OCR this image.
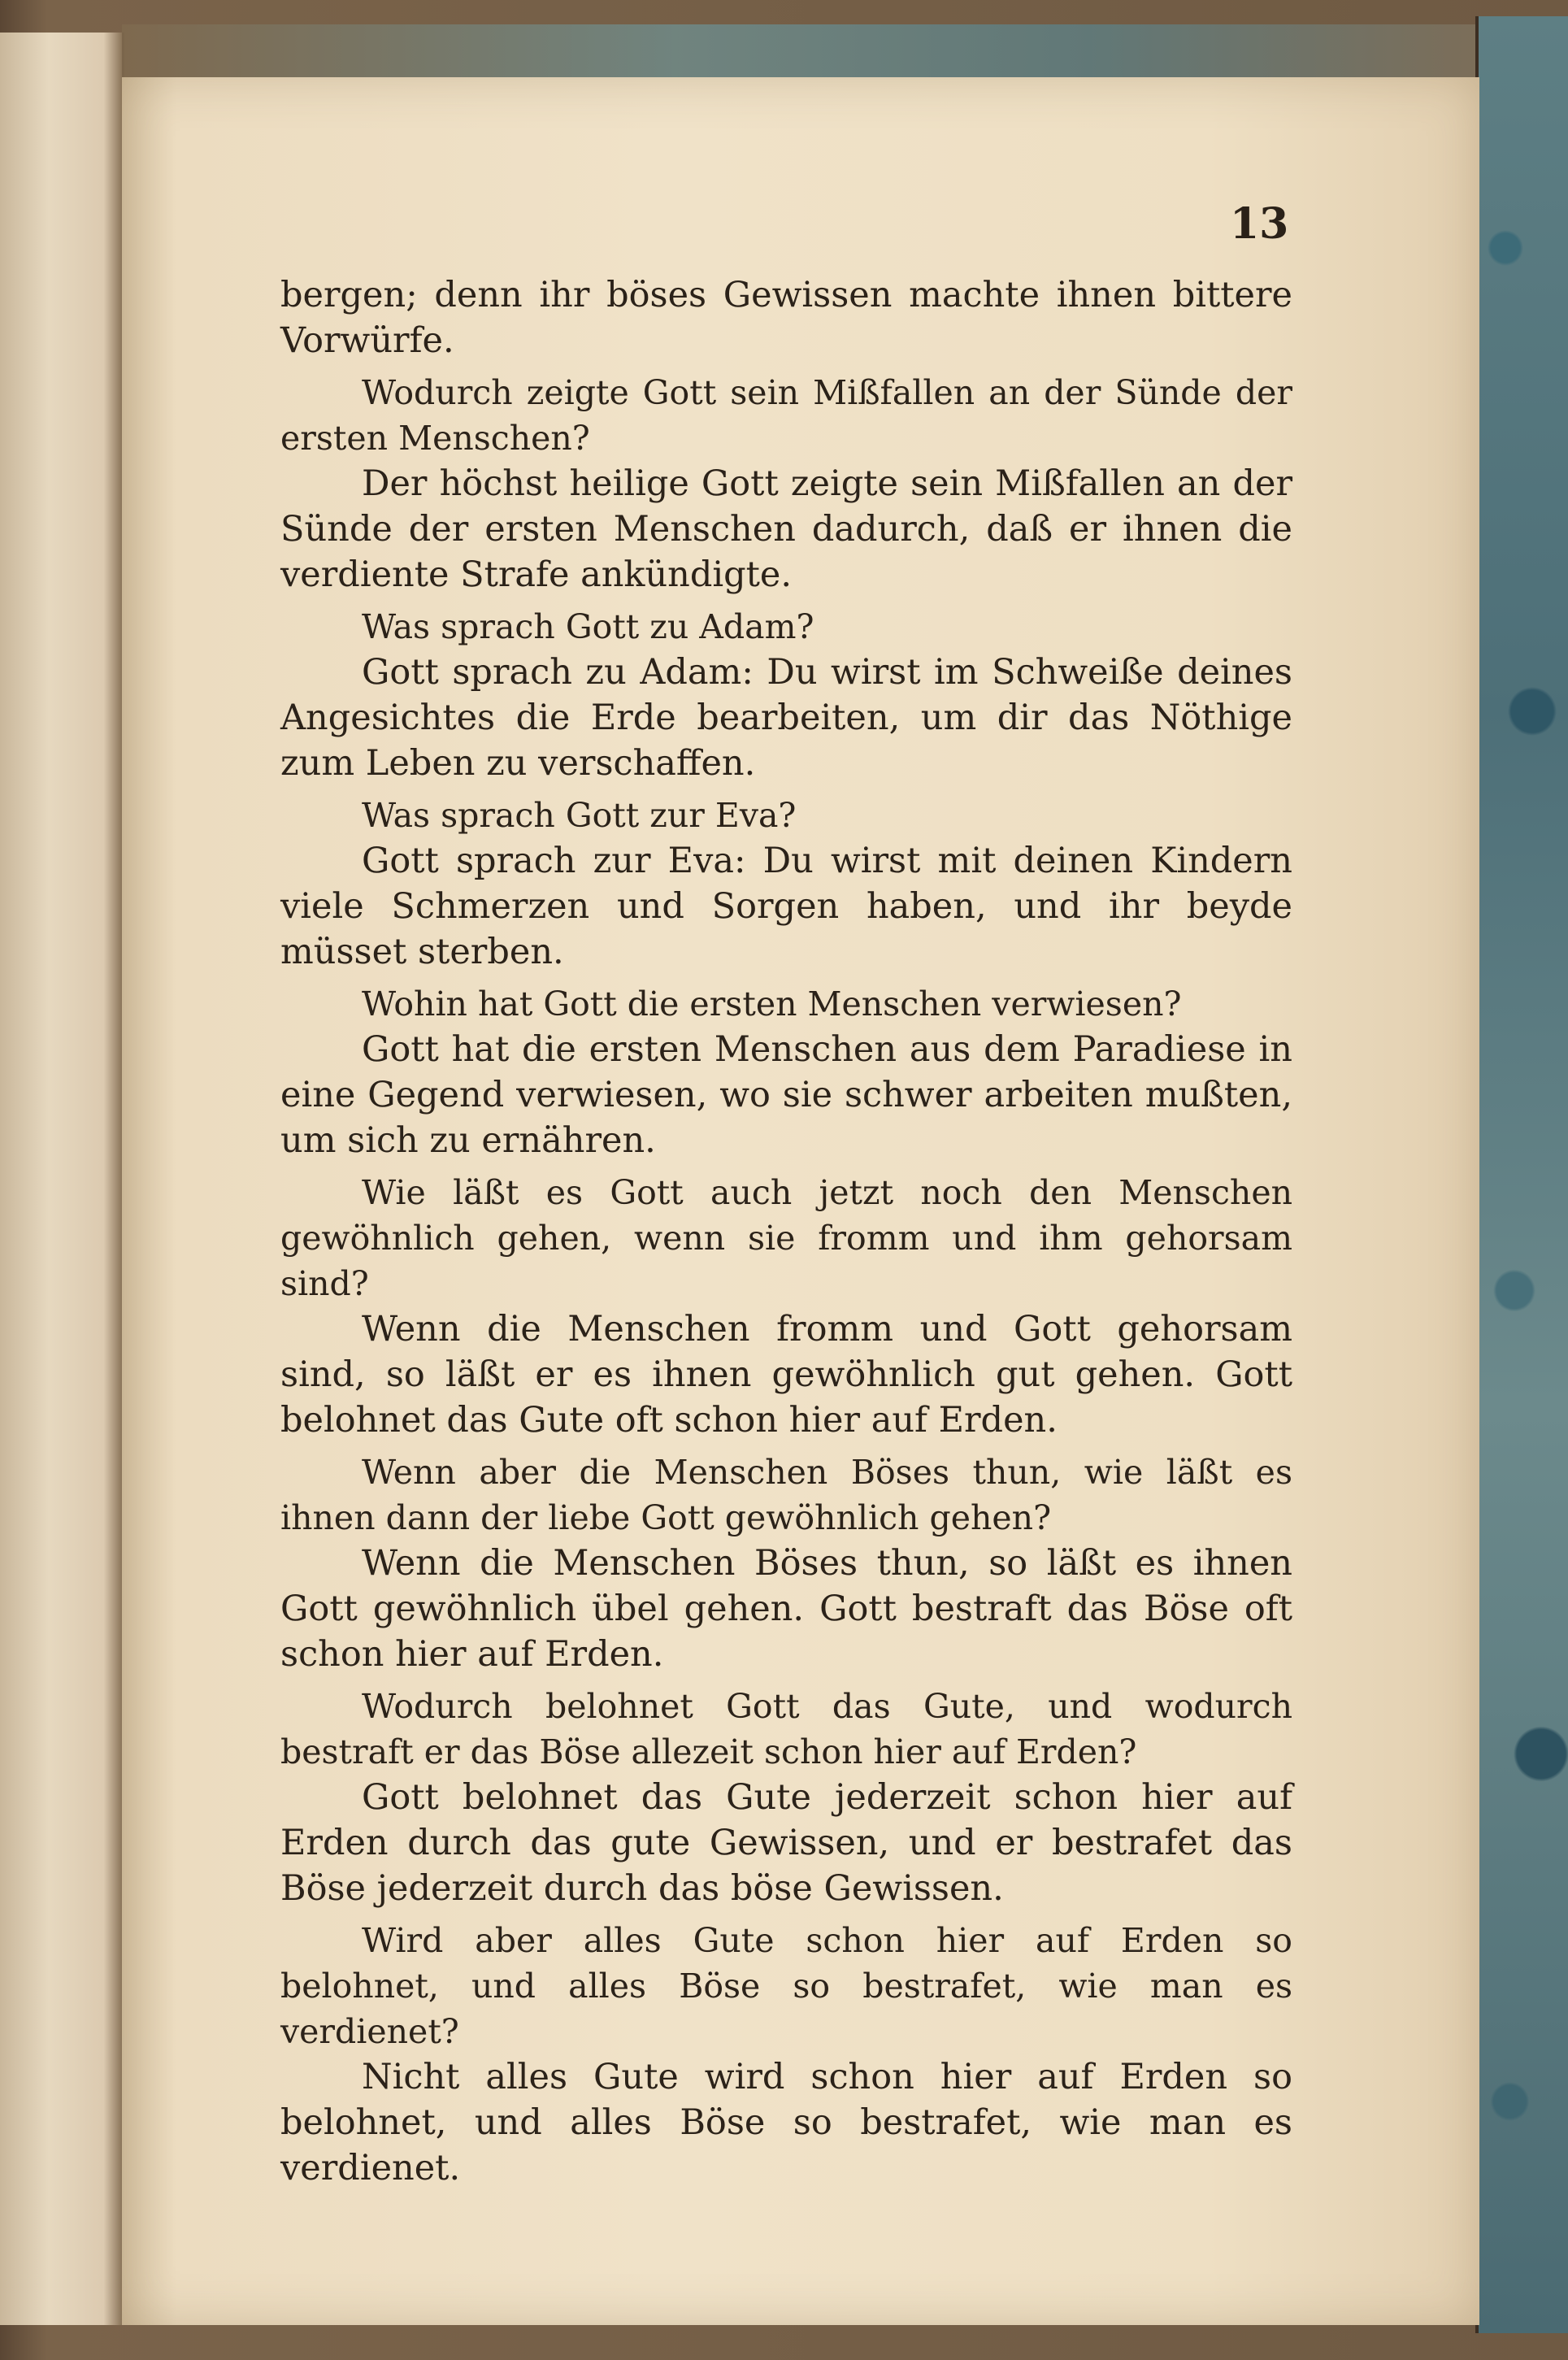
13

bergen; denn ihr böses Gewissen machte ihnen bittere Vorwürfe.

Wodurch zeigte Gott sein Mißfallen an der Sünde der ersten Menschen?

Der höchst heilige Gott zeigte sein Mißfallen an der Sünde der ersten Menschen dadurch, daß er ihnen die verdiente Strafe ankündigte.

Was sprach Gott zu Adam?

Gott sprach zu Adam: Du wirst im Schweiße deines Angesichtes die Erde bearbeiten, um dir das Nöthige zum Leben zu verschaffen.

Was sprach Gott zur Eva?

Gott sprach zur Eva: Du wirst mit deinen Kindern viele Schmerzen und Sorgen haben, und ihr beyde müsset sterben.

Wohin hat Gott die ersten Menschen verwiesen?

Gott hat die ersten Menschen aus dem Paradiese in eine Gegend verwiesen, wo sie schwer arbeiten mußten, um sich zu ernähren.

Wie läßt es Gott auch jetzt noch den Menschen gewöhnlich gehen, wenn sie fromm und ihm gehorsam sind?

Wenn die Menschen fromm und Gott gehorsam sind, so läßt er es ihnen gewöhnlich gut gehen. Gott belohnet das Gute oft schon hier auf Erden.

Wenn aber die Menschen Böses thun, wie läßt es ihnen dann der liebe Gott gewöhnlich gehen?

Wenn die Menschen Böses thun, so läßt es ihnen Gott gewöhnlich übel gehen. Gott bestraft das Böse oft schon hier auf Erden.

Wodurch belohnet Gott das Gute, und wodurch bestraft er das Böse allezeit schon hier auf Erden?

Gott belohnet das Gute jederzeit schon hier auf Erden durch das gute Gewissen, und er bestrafet das Böse jederzeit durch das böse Gewissen.

Wird aber alles Gute schon hier auf Erden so belohnet, und alles Böse so bestrafet, wie man es verdienet?

Nicht alles Gute wird schon hier auf Erden so belohnet, und alles Böse so bestrafet, wie man es verdienet.
